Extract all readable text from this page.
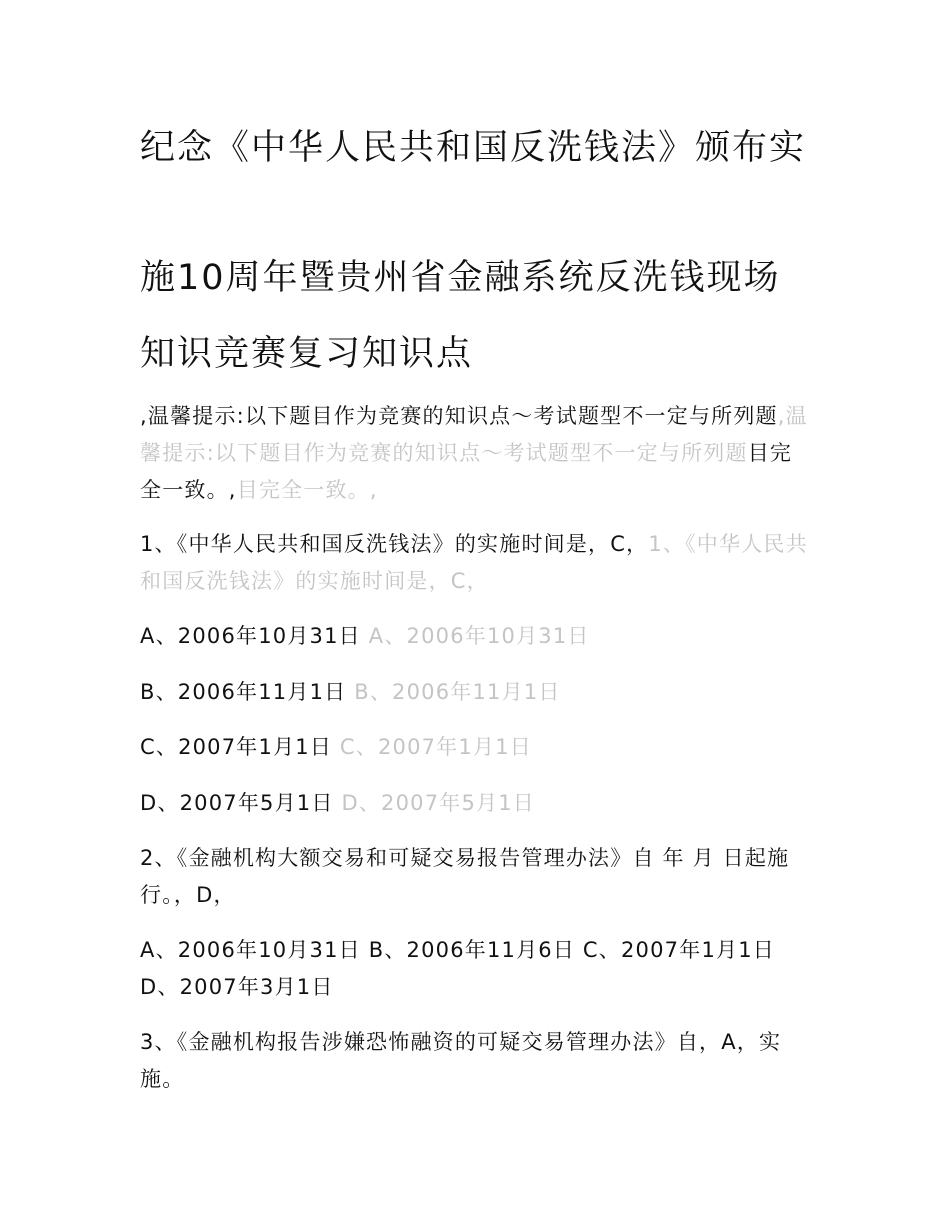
纪念《中华人民共和国反洗钱法》颁布实
施10周年暨贵州省金融系统反洗钱现场
知识竞赛复习知识点

,温馨提示:以下题目作为竞赛的知识点～考试题型不一定与所列题,温馨提示:以下题目作为竞赛的知识点～考试题型不一定与所列题目完全一致。,目完全一致。,

1、《中华人民共和国反洗钱法》的实施时间是，C，1、《中华人民共和国反洗钱法》的实施时间是，C，

A、2006年10月31日 A、2006年10月31日

B、2006年11月1日 B、2006年11月1日

C、2007年1月1日 C、2007年1月1日

D、2007年5月1日 D、2007年5月1日

2、《金融机构大额交易和可疑交易报告管理办法》自 年 月 日起施行。，D，

A、2006年10月31日 B、2006年11月6日 C、2007年1月1日 D、2007年3月1日

3、《金融机构报告涉嫌恐怖融资的可疑交易管理办法》自，A，实施。
